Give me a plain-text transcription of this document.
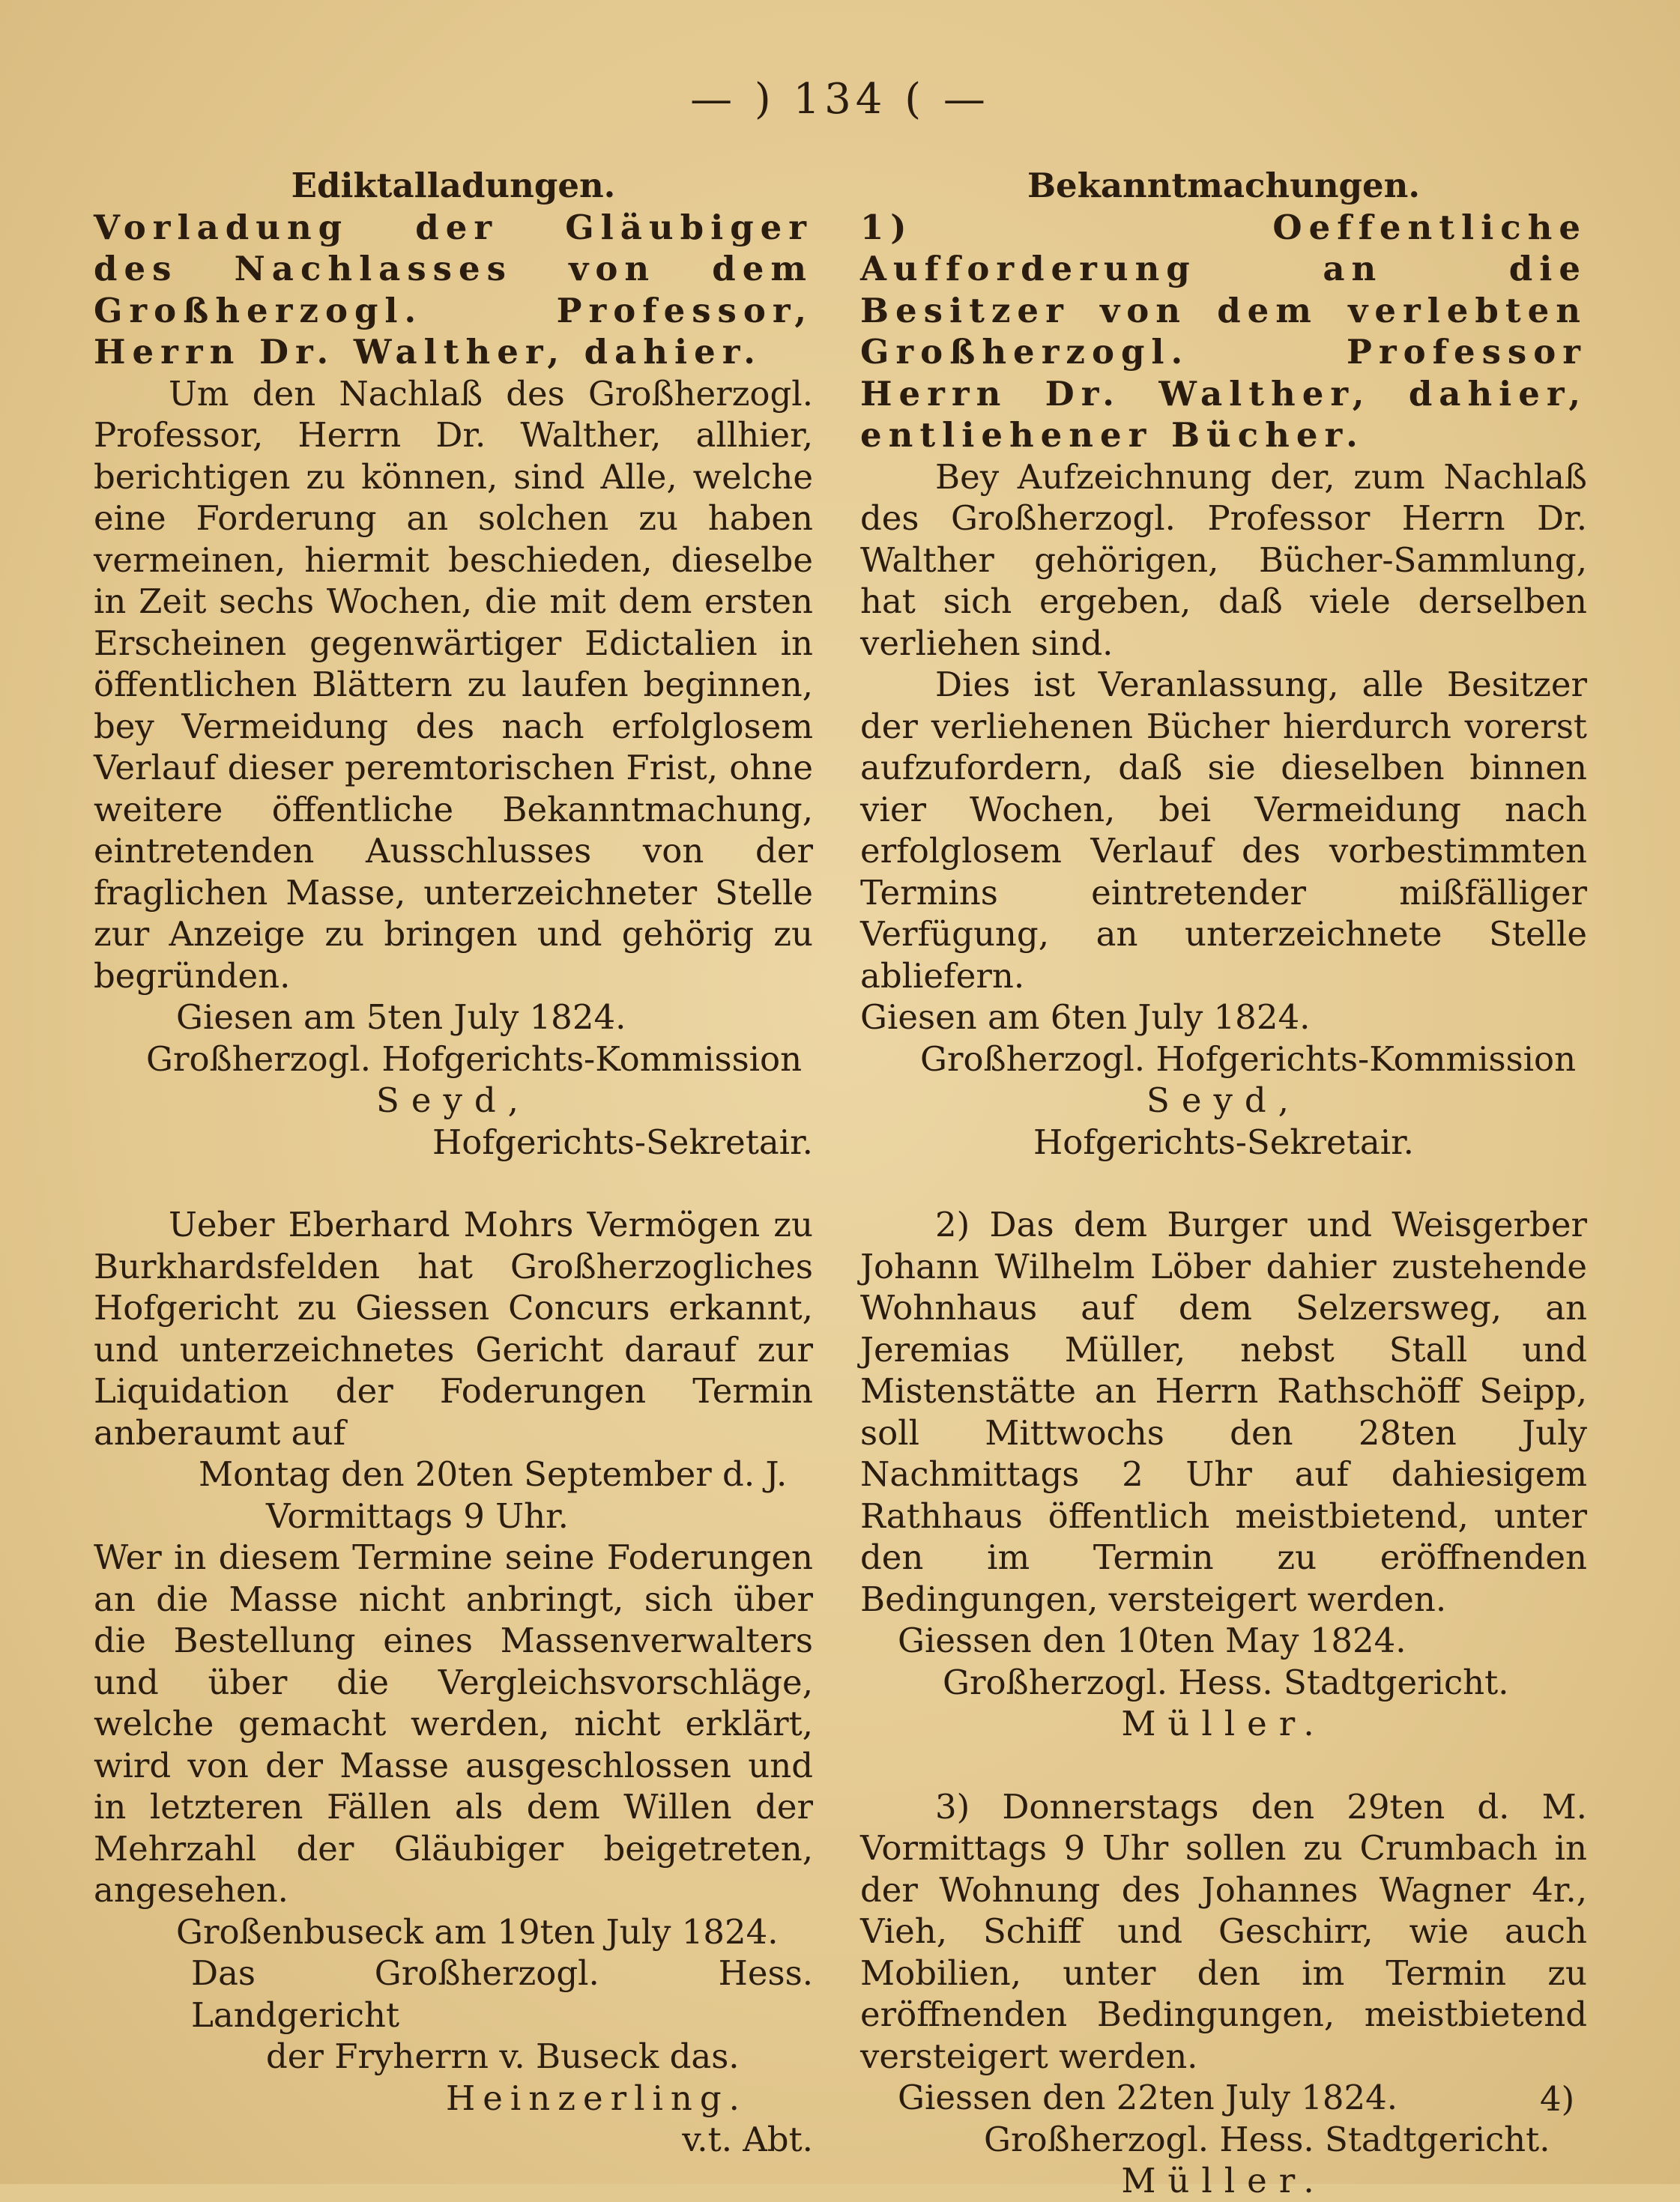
— ) 134 ( —

Ediktalladungen.

Vorladung der Gläubiger des Nachlasses von dem Großherzogl. Professor, Herrn Dr. Walther, dahier.

Um den Nachlaß des Großherzogl. Professor, Herrn Dr. Walther, allhier, berichtigen zu können, sind Alle, welche eine Forderung an solchen zu haben vermeinen, hiermit beschieden, dieselbe in Zeit sechs Wochen, die mit dem ersten Erscheinen gegenwärtiger Edictalien in öffentlichen Blättern zu laufen beginnen, bey Vermeidung des nach erfolglosem Verlauf dieser peremtorischen Frist, ohne weitere öffentliche Bekanntmachung, eintretenden Ausschlusses von der fraglichen Masse, unterzeichneter Stelle zur Anzeige zu bringen und gehörig zu begründen.

Giesen am 5ten July 1824.

Großherzogl. Hofgerichts-Kommission

Seyd,

Hofgerichts-Sekretair.

Ueber Eberhard Mohrs Vermögen zu Burkhardsfelden hat Großherzogliches Hofgericht zu Giessen Concurs erkannt, und unterzeichnetes Gericht darauf zur Liquidation der Foderungen Termin anberaumt auf

Montag den 20ten September d. J.

Vormittags 9 Uhr.

Wer in diesem Termine seine Foderungen an die Masse nicht anbringt, sich über die Bestellung eines Massenverwalters und über die Vergleichsvorschläge, welche gemacht werden, nicht erklärt, wird von der Masse ausgeschlossen und in letzteren Fällen als dem Willen der Mehrzahl der Gläubiger beigetreten, angesehen.

Großenbuseck am 19ten July 1824.

Das Großherzogl. Hess. Landgericht

der Fryherrn v. Buseck das.

Heinzerling.

v.t. Abt.

Bekanntmachungen.

1) Oeffentliche Aufforderung an die Besitzer von dem verlebten Großherzogl. Professor Herrn Dr. Walther, dahier, entliehener Bücher.

Bey Aufzeichnung der, zum Nachlaß des Großherzogl. Professor Herrn Dr. Walther gehörigen, Bücher-Sammlung, hat sich ergeben, daß viele derselben verliehen sind.

Dies ist Veranlassung, alle Besitzer der verliehenen Bücher hierdurch vorerst aufzufordern, daß sie dieselben binnen vier Wochen, bei Vermeidung nach erfolglosem Verlauf des vorbestimmten Termins eintretender mißfälliger Verfügung, an unterzeichnete Stelle abliefern.

Giesen am 6ten July 1824.

Großherzogl. Hofgerichts-Kommission

Seyd,

Hofgerichts-Sekretair.

2) Das dem Burger und Weisgerber Johann Wilhelm Löber dahier zustehende Wohnhaus auf dem Selzersweg, an Jeremias Müller, nebst Stall und Mistenstätte an Herrn Rathschöff Seipp, soll Mittwochs den 28ten July Nachmittags 2 Uhr auf dahiesigem Rathhaus öffentlich meistbietend, unter den im Termin zu eröffnenden Bedingungen, versteigert werden.

Giessen den 10ten May 1824.

Großherzogl. Hess. Stadtgericht.

Müller.

3) Donnerstags den 29ten d. M. Vormittags 9 Uhr sollen zu Crumbach in der Wohnung des Johannes Wagner 4r., Vieh, Schiff und Geschirr, wie auch Mobilien, unter den im Termin zu eröffnenden Bedingungen, meistbietend versteigert werden.

Giessen den 22ten July 1824.

Großherzogl. Hess. Stadtgericht.

Müller.

4)
